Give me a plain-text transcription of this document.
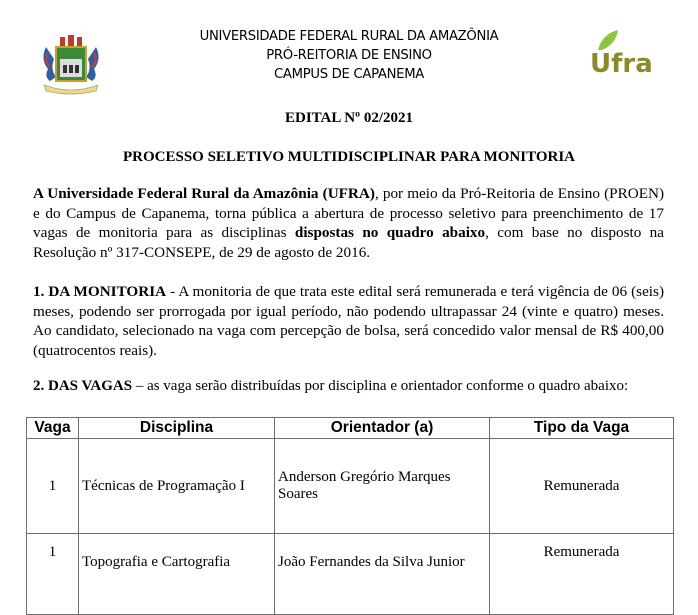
UNIVERSIDADE FEDERAL RURAL DA AMAZÔNIA
PRÓ-REITORIA DE ENSINO
CAMPUS DE CAPANEMA	Ufra
EDITAL Nº 02/2021
PROCESSO SELETIVO MULTIDISCIPLINAR PARA MONITORIA
A Universidade Federal Rural da Amazônia (UFRA), por meio da Pró-Reitoria de Ensino (PROEN) e do Campus de Capanema, torna pública a abertura de processo seletivo para preenchimento de 17 vagas de monitoria para as disciplinas dispostas no quadro abaixo, com base no disposto na Resolução nº 317-CONSEPE, de 29 de agosto de 2016.
1. DA MONITORIA - A monitoria de que trata este edital será remunerada e terá vigência de 06 (seis) meses, podendo ser prorrogada por igual período, não podendo ultrapassar 24 (vinte e quatro) meses. Ao candidato, selecionado na vaga com percepção de bolsa, será concedido valor mensal de R$ 400,00 (quatrocentos reais).
2. DAS VAGAS – as vaga serão distribuídas por disciplina e orientador conforme o quadro abaixo:
Vaga	Disciplina	Orientador (a)	Tipo da Vaga
1	Técnicas de Programação I	Anderson Gregório Marques Soares	Remunerada
1	Topografia e Cartografia	João Fernandes da Silva Junior	Remunerada
